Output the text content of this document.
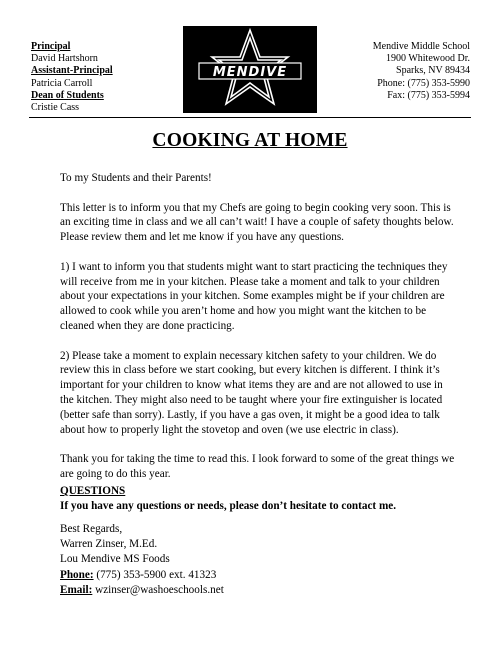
Principal
David Hartshorn
Assistant-Principal
Patricia Carroll
Dean of Students
Cristie Cass
MENDIVE
Mendive Middle School
1900 Whitewood Dr.
Sparks, NV 89434
Phone: (775) 353-5990
Fax: (775) 353-5994
COOKING AT HOME

To my Students and their Parents!

This letter is to inform you that my Chefs are going to begin cooking very soon. This is an exciting time in class and we all can’t wait! I have a couple of safety thoughts below. Please review them and let me know if you have any questions.

1) I want to inform you that students might want to start practicing the techniques they will receive from me in your kitchen. Please take a moment and talk to your children about your expectations in your kitchen. Some examples might be if your children are allowed to cook while you aren’t home and how you might want the kitchen to be cleaned when they are done practicing.

2) Please take a moment to explain necessary kitchen safety to your children. We do review this in class before we start cooking, but every kitchen is different. I think it’s important for your children to know what items they are and are not allowed to use in the kitchen. They might also need to be taught where your fire extinguisher is located (better safe than sorry). Lastly, if you have a gas oven, it might be a good idea to talk about how to properly light the stovetop and oven (we use electric in class).

Thank you for taking the time to read this. I look forward to some of the great things we are going to do this year.

QUESTIONS
If you have any questions or needs, please don’t hesitate to contact me.
Best Regards,
Warren Zinser, M.Ed.
Lou Mendive MS Foods
Phone: (775) 353-5900 ext. 41323
Email: wzinser@washoeschools.net
